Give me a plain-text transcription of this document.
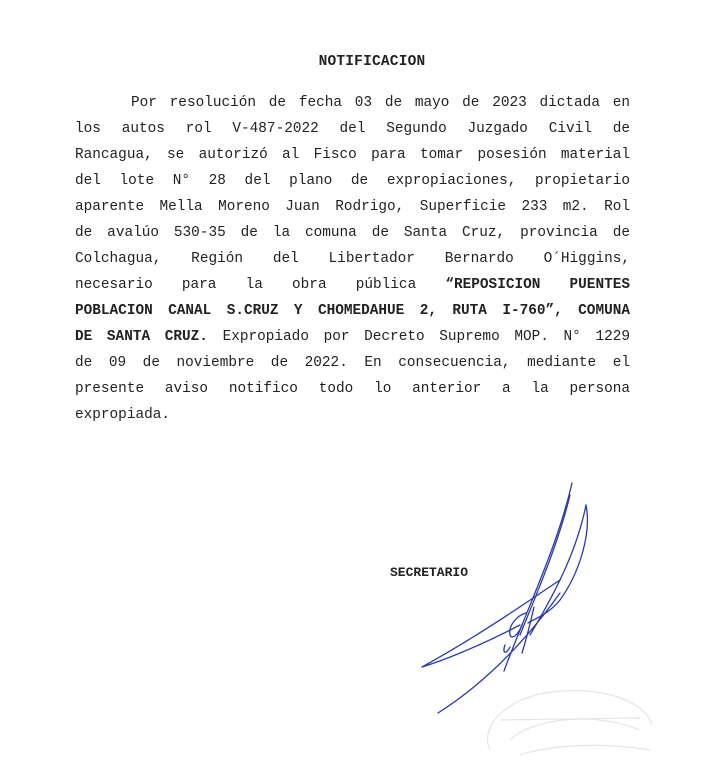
NOTIFICACION
Por resolución de fecha 03 de mayo de 2023 dictada en
los autos rol V-487-2022 del Segundo Juzgado Civil de
Rancagua, se autorizó al Fisco para tomar posesión material
del lote N° 28 del plano de expropiaciones, propietario
aparente Mella Moreno Juan Rodrigo, Superficie 233 m2. Rol
de avalúo 530-35 de la comuna de Santa Cruz, provincia de
Colchagua, Región del Libertador Bernardo O´Higgins,
necesario para la obra pública “REPOSICION PUENTES
POBLACION CANAL S.CRUZ Y CHOMEDAHUE 2, RUTA I-760”, COMUNA
DE SANTA CRUZ. Expropiado por Decreto Supremo MOP. N° 1229
de 09 de noviembre de 2022. En consecuencia, mediante el
presente aviso notifico todo lo anterior a la persona
expropiada.
SECRETARIO
